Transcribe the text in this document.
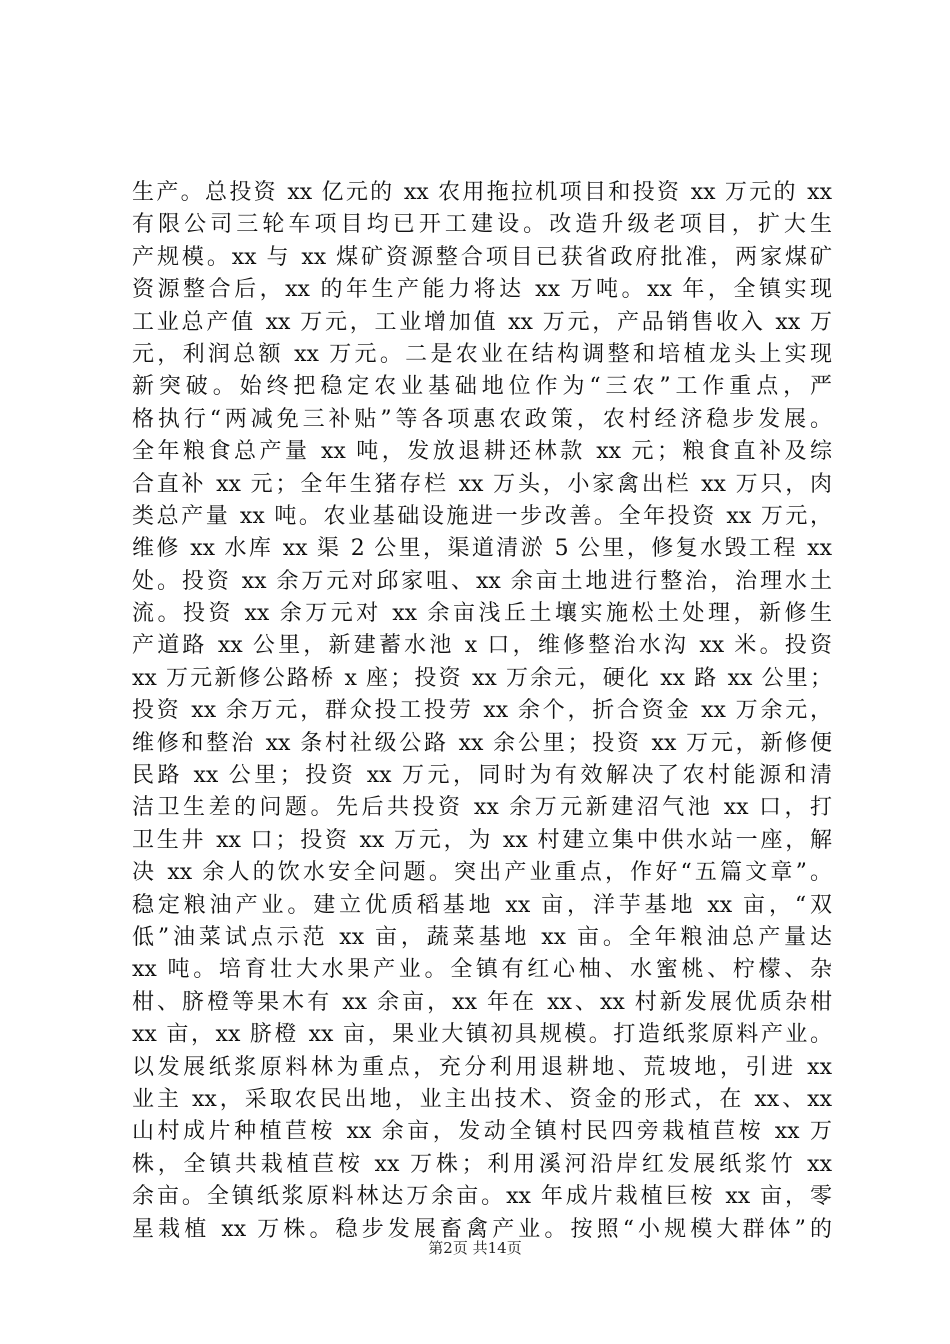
生产。总投资 xx 亿元的 xx 农用拖拉机项目和投资 xx 万元的 xx
有限公司三轮车项目均已开工建设。改造升级老项目，扩大生
产规模。xx 与 xx 煤矿资源整合项目已获省政府批准，两家煤矿
资源整合后，xx 的年生产能力将达 xx 万吨。xx 年，全镇实现
工业总产值 xx 万元，工业增加值 xx 万元，产品销售收入 xx 万
元，利润总额 xx 万元。二是农业在结构调整和培植龙头上实现
新突破。始终把稳定农业基础地位作为“三农”工作重点，严
格执行“两减免三补贴”等各项惠农政策，农村经济稳步发展。
全年粮食总产量 xx 吨，发放退耕还林款 xx 元；粮食直补及综
合直补 xx 元；全年生猪存栏 xx 万头，小家禽出栏 xx 万只，肉
类总产量 xx 吨。农业基础设施进一步改善。全年投资 xx 万元，
维修 xx 水库 xx 渠 2 公里，渠道清淤 5 公里，修复水毁工程 xx
处。投资 xx 余万元对邱家咀、xx 余亩土地进行整治，治理水土
流。投资 xx 余万元对 xx 余亩浅丘土壤实施松土处理，新修生
产道路 xx 公里，新建蓄水池 x 口，维修整治水沟 xx 米。投资
xx 万元新修公路桥 x 座；投资 xx 万余元，硬化 xx 路 xx 公里；
投资 xx 余万元，群众投工投劳 xx 余个，折合资金 xx 万余元，
维修和整治 xx 条村社级公路 xx 余公里；投资 xx 万元，新修便
民路 xx 公里；投资 xx 万元，同时为有效解决了农村能源和清
洁卫生差的问题。先后共投资 xx 余万元新建沼气池 xx 口，打
卫生井 xx 口；投资 xx 万元，为 xx 村建立集中供水站一座，解
决 xx 余人的饮水安全问题。突出产业重点，作好“五篇文章”。
稳定粮油产业。建立优质稻基地 xx 亩，洋芋基地 xx 亩，“双
低”油菜试点示范 xx 亩，蔬菜基地 xx 亩。全年粮油总产量达
xx 吨。培育壮大水果产业。全镇有红心柚、水蜜桃、柠檬、杂
柑、脐橙等果木有 xx 余亩，xx 年在 xx、xx 村新发展优质杂柑
xx 亩，xx 脐橙 xx 亩，果业大镇初具规模。打造纸浆原料产业。
以发展纸浆原料林为重点，充分利用退耕地、荒坡地，引进 xx
业主 xx，采取农民出地，业主出技术、资金的形式，在 xx、xx
山村成片种植苣桉 xx 余亩，发动全镇村民四旁栽植苣桉 xx 万
株，全镇共栽植苣桉 xx 万株；利用溪河沿岸红发展纸浆竹 xx
余亩。全镇纸浆原料林达万余亩。xx 年成片栽植巨桉 xx 亩，零
星栽植 xx 万株。稳步发展畜禽产业。按照“小规模大群体”的
第2页 共14页
